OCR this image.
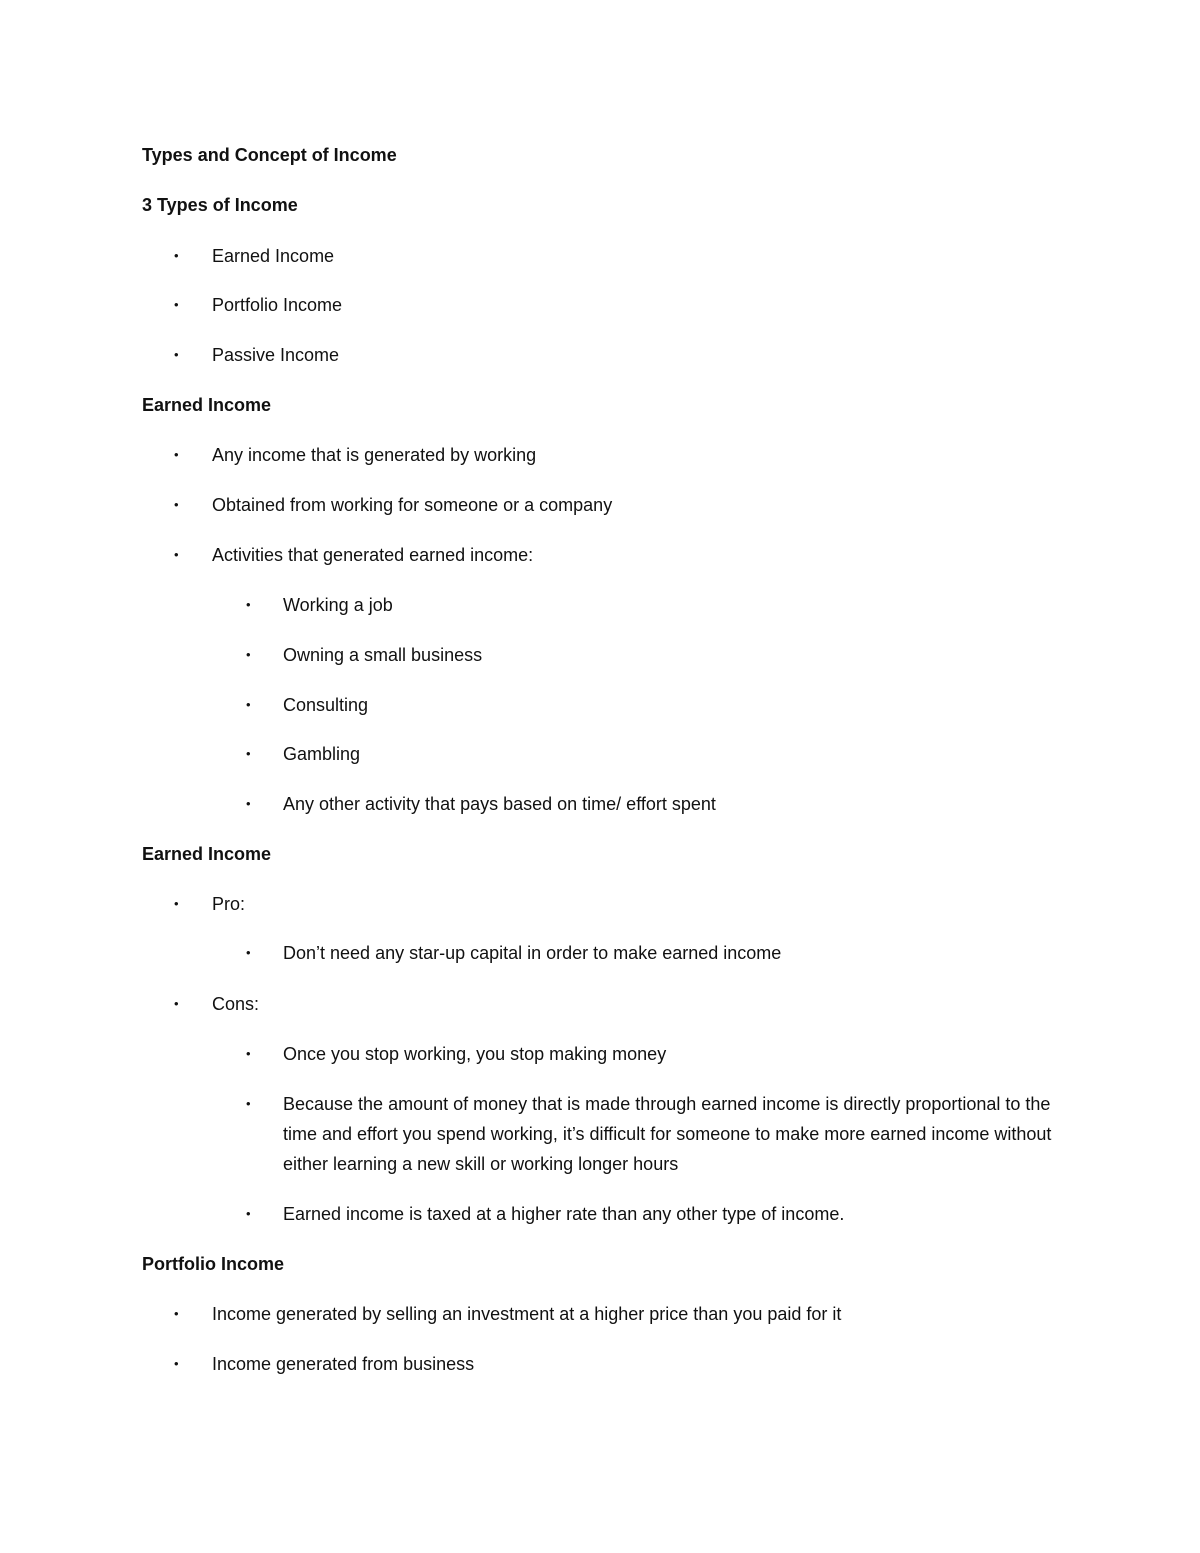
Types and Concept of Income
3 Types of Income
• Earned Income
• Portfolio Income
• Passive Income
Earned Income
• Any income that is generated by working
• Obtained from working for someone or a company
• Activities that generated earned income:
• Working a job
• Owning a small business
• Consulting
• Gambling
• Any other activity that pays based on time/ effort spent
Earned Income
• Pro:
• Don’t need any star-up capital in order to make earned income
• Cons:
• Once you stop working, you stop making money
• Because the amount of money that is made through earned income is directly proportional to the time and effort you spend working, it’s difficult for someone to make more earned income without either learning a new skill or working longer hours
• Earned income is taxed at a higher rate than any other type of income.
Portfolio Income
• Income generated by selling an investment at a higher price than you paid for it
• Income generated from business
